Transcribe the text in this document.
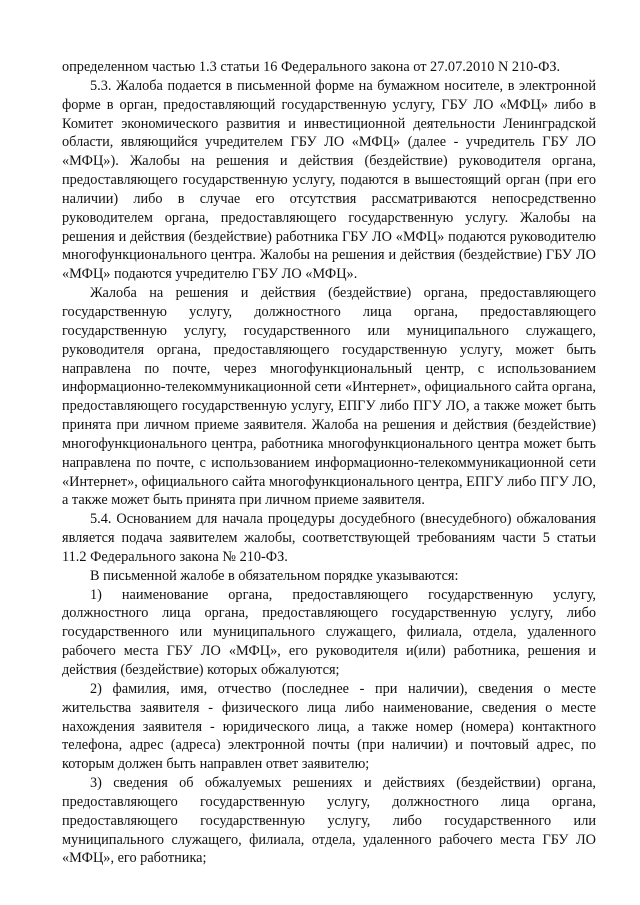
определенном частью 1.3 статьи 16 Федерального закона от 27.07.2010 N 210-ФЗ.

5.3. Жалоба подается в письменной форме на бумажном носителе, в электронной форме в орган, предоставляющий государственную услугу, ГБУ ЛО «МФЦ» либо в Комитет экономического развития и инвестиционной деятельности Ленинградской области, являющийся учредителем ГБУ ЛО «МФЦ» (далее - учредитель ГБУ ЛО «МФЦ»). Жалобы на решения и действия (бездействие) руководителя органа, предоставляющего государственную услугу, подаются в вышестоящий орган (при его наличии) либо в случае его отсутствия рассматриваются непосредственно руководителем органа, предоставляющего государственную услугу. Жалобы на решения и действия (бездействие) работника ГБУ ЛО «МФЦ» подаются руководителю многофункционального центра. Жалобы на решения и действия (бездействие) ГБУ ЛО «МФЦ» подаются учредителю ГБУ ЛО «МФЦ».

Жалоба на решения и действия (бездействие) органа, предоставляющего государственную услугу, должностного лица органа, предоставляющего государственную услугу, государственного или муниципального служащего, руководителя органа, предоставляющего государственную услугу, может быть направлена по почте, через многофункциональный центр, с использованием информационно-телекоммуникационной сети «Интернет», официального сайта органа, предоставляющего государственную услугу, ЕПГУ либо ПГУ ЛО, а также может быть принята при личном приеме заявителя. Жалоба на решения и действия (бездействие) многофункционального центра, работника многофункционального центра может быть направлена по почте, с использованием информационно-телекоммуникационной сети «Интернет», официального сайта многофункционального центра, ЕПГУ либо ПГУ ЛО, а также может быть принята при личном приеме заявителя.

5.4. Основанием для начала процедуры досудебного (внесудебного) обжалования является подача заявителем жалобы, соответствующей требованиям части 5 статьи 11.2 Федерального закона № 210-ФЗ.

В письменной жалобе в обязательном порядке указываются:

1) наименование органа, предоставляющего государственную услугу, должностного лица органа, предоставляющего государственную услугу, либо государственного или муниципального служащего, филиала, отдела, удаленного рабочего места ГБУ ЛО «МФЦ», его руководителя и(или) работника, решения и действия (бездействие) которых обжалуются;

2) фамилия, имя, отчество (последнее - при наличии), сведения о месте жительства заявителя - физического лица либо наименование, сведения о месте нахождения заявителя - юридического лица, а также номер (номера) контактного телефона, адрес (адреса) электронной почты (при наличии) и почтовый адрес, по которым должен быть направлен ответ заявителю;

3) сведения об обжалуемых решениях и действиях (бездействии) органа, предоставляющего государственную услугу, должностного лица органа, предоставляющего государственную услугу, либо государственного или муниципального служащего, филиала, отдела, удаленного рабочего места ГБУ ЛО «МФЦ», его работника;
